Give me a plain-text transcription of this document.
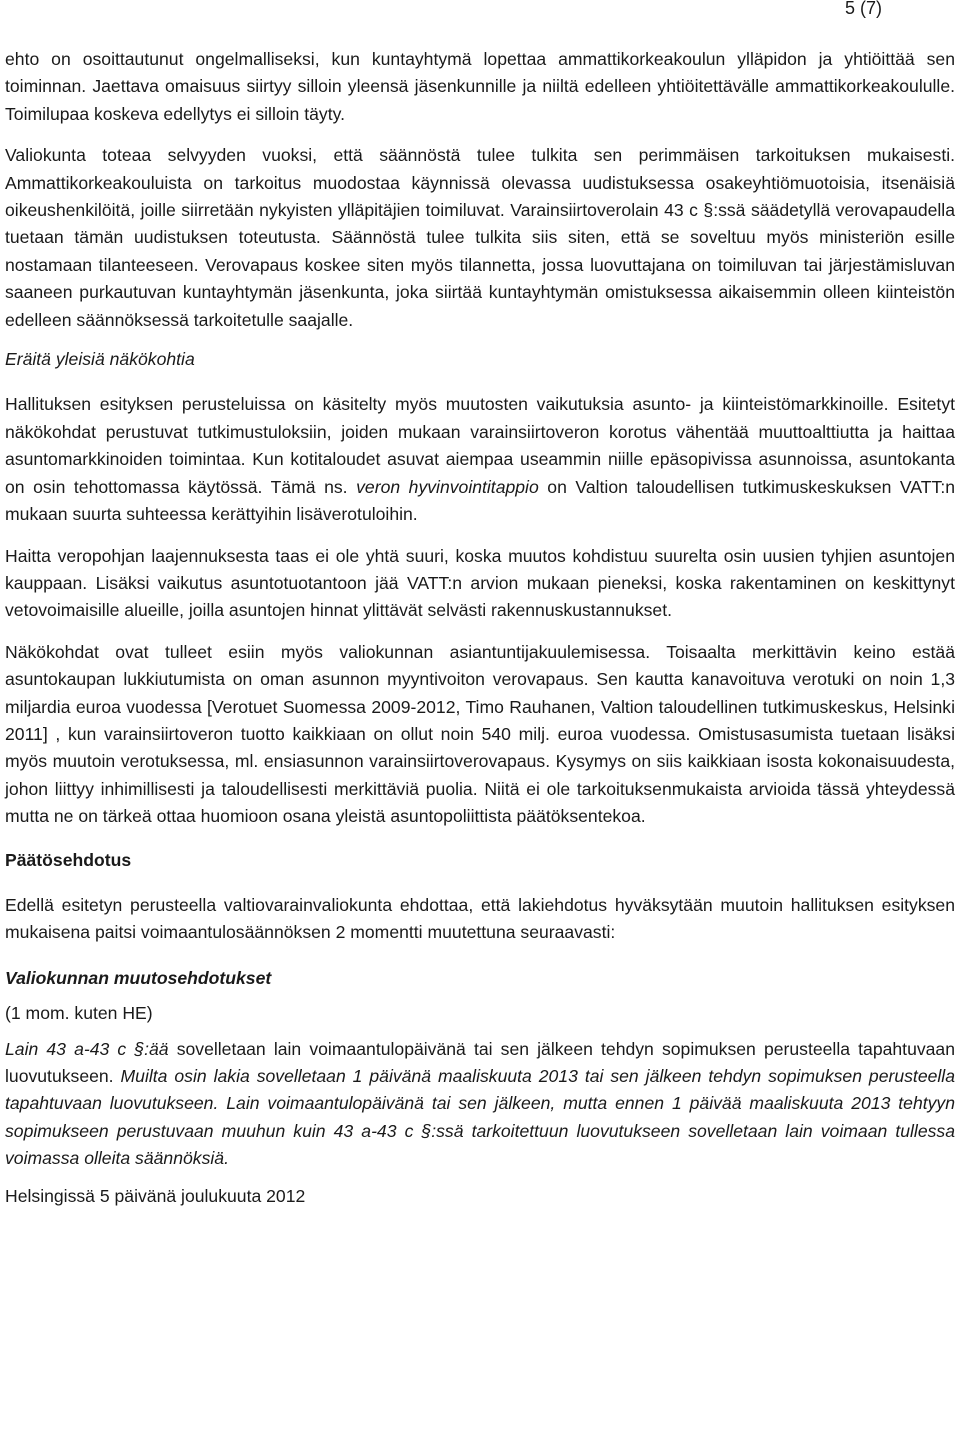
5 (7)

ehto on osoittautunut ongelmalliseksi, kun kuntayhtymä lopettaa ammattikorkeakoulun ylläpidon ja yhtiöittää sen toiminnan. Jaettava omaisuus siirtyy silloin yleensä jäsenkunnille ja niiltä edelleen yhtiöitettävälle ammattikorkeakoululle. Toimilupaa koskeva edellytys ei silloin täyty.

Valiokunta toteaa selvyyden vuoksi, että säännöstä tulee tulkita sen perimmäisen tarkoituksen mukaisesti. Ammattikorkeakouluista on tarkoitus muodostaa käynnissä olevassa uudistuksessa osakeyhtiömuotoisia, itsenäisiä oikeushenkilöitä, joille siirretään nykyisten ylläpitäjien toimiluvat. Varainsiirtoverolain 43 c §:ssä säädetyllä verovapaudella tuetaan tämän uudistuksen toteutusta. Säännöstä tulee tulkita siis siten, että se soveltuu myös ministeriön esille nostamaan tilanteeseen. Verovapaus koskee siten myös tilannetta, jossa luovuttajana on toimiluvan tai järjestämisluvan saaneen purkautuvan kuntayhtymän jäsenkunta, joka siirtää kuntayhtymän omistuksessa aikaisemmin olleen kiinteistön edelleen säännöksessä tarkoitetulle saajalle.

Eräitä yleisiä näkökohtia

Hallituksen esityksen perusteluissa on käsitelty myös muutosten vaikutuksia asunto- ja kiinteistömarkkinoille. Esitetyt näkökohdat perustuvat tutkimustuloksiin, joiden mukaan varainsiirtoveron korotus vähentää muuttoalttiutta ja haittaa asuntomarkkinoiden toimintaa. Kun kotitaloudet asuvat aiempaa useammin niille epäsopivissa asunnoissa, asuntokanta on osin tehottomassa käytössä. Tämä ns. veron hyvinvointitappio on Valtion taloudellisen tutkimuskeskuksen VATT:n mukaan suurta suhteessa kerättyihin lisäverotuloihin.

Haitta veropohjan laajennuksesta taas ei ole yhtä suuri, koska muutos kohdistuu suurelta osin uusien tyhjien asuntojen kauppaan. Lisäksi vaikutus asuntotuotantoon jää VATT:n arvion mukaan pieneksi, koska rakentaminen on keskittynyt vetovoimaisille alueille, joilla asuntojen hinnat ylittävät selvästi rakennuskustannukset.

Näkökohdat ovat tulleet esiin myös valiokunnan asiantuntijakuulemisessa. Toisaalta merkittävin keino estää asuntokaupan lukkiutumista on oman asunnon myyntivoiton verovapaus. Sen kautta kanavoituva verotuki on noin 1,3 miljardia euroa vuodessa [Verotuet Suomessa 2009-2012, Timo Rauhanen, Valtion taloudellinen tutkimuskeskus, Helsinki 2011] , kun varainsiirtoveron tuotto kaikkiaan on ollut noin 540 milj. euroa vuodessa. Omistusasumista tuetaan lisäksi myös muutoin verotuksessa, ml. ensiasunnon varainsiirtoverovapaus. Kysymys on siis kaikkiaan isosta kokonaisuudesta, johon liittyy inhimillisesti ja taloudellisesti merkittäviä puolia. Niitä ei ole tarkoituksenmukaista arvioida tässä yhteydessä mutta ne on tärkeä ottaa huomioon osana yleistä asuntopoliittista päätöksentekoa.

Päätösehdotus

Edellä esitetyn perusteella valtiovarainvaliokunta ehdottaa, että lakiehdotus hyväksytään muutoin hallituksen esityksen mukaisena paitsi voimaantulosäännöksen 2 momentti muutettuna seuraavasti:

Valiokunnan muutosehdotukset

(1 mom. kuten HE)

Lain 43 a-43 c §:ää sovelletaan lain voimaantulopäivänä tai sen jälkeen tehdyn sopimuksen perusteella tapahtuvaan luovutukseen. Muilta osin lakia sovelletaan 1 päivänä maaliskuuta 2013 tai sen jälkeen tehdyn sopimuksen perusteella tapahtuvaan luovutukseen. Lain voimaantulopäivänä tai sen jälkeen, mutta ennen 1 päivää maaliskuuta 2013 tehtyyn sopimukseen perustuvaan muuhun kuin 43 a-43 c §:ssä tarkoitettuun luovutukseen sovelletaan lain voimaan tullessa voimassa olleita säännöksiä.

Helsingissä 5 päivänä joulukuuta 2012
